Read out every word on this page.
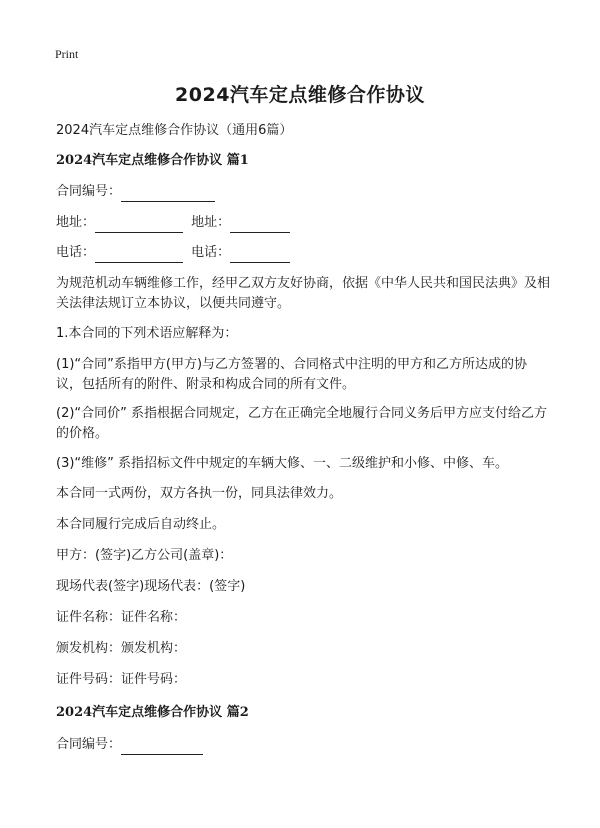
Print
2024汽车定点维修合作协议
2024汽车定点维修合作协议（通用6篇）
2024汽车定点维修合作协议 篇1
合同编号：
地址：	地址：
电话：	电话：
为规范机动车辆维修工作，经甲乙双方友好协商，依据《中华人民共和国民法典》及相关法律法规订立本协议，以便共同遵守。
1.本合同的下列术语应解释为：
(1)“合同”系指甲方(甲方)与乙方签署的、合同格式中注明的甲方和乙方所达成的协议，包括所有的附件、附录和构成合同的所有文件。
(2)“合同价” 系指根据合同规定，乙方在正确完全地履行合同义务后甲方应支付给乙方的价格。
(3)“维修” 系指招标文件中规定的车辆大修、一、二级维护和小修、中修、车。
本合同一式两份，双方各执一份，同具法律效力。
本合同履行完成后自动终止。
甲方：(签字)乙方公司(盖章)：
现场代表(签字)现场代表：(签字)
证件名称：证件名称：
颁发机构：颁发机构：
证件号码：证件号码：
2024汽车定点维修合作协议 篇2
合同编号：
